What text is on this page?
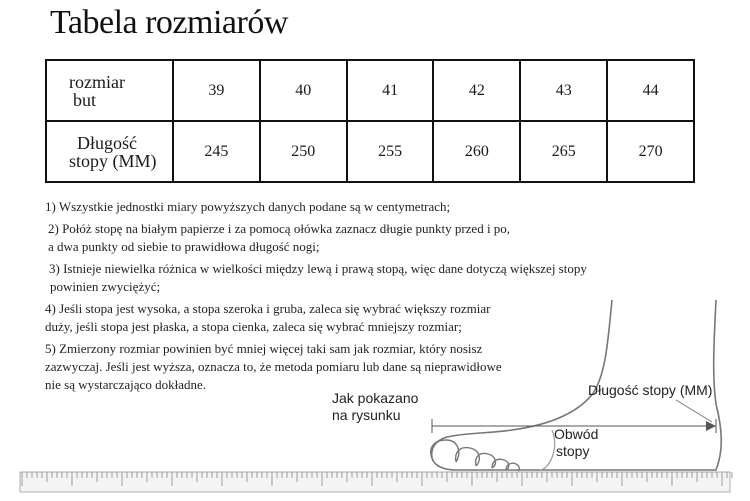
Tabela rozmiarów
rozmiar
but	39	40	41	42	43	44

Długość
stopy (MM)	245	250	255	260	265	270
1) Wszystkie jednostki miary powyższych danych podane są w centymetrach;
2) Połóż stopę na białym papierze i za pomocą ołówka zaznacz długie punkty przed i po,
a dwa punkty od siebie to prawidłowa długość nogi;
3) Istnieje niewielka różnica w wielkości między lewą i prawą stopą, więc dane dotyczą większej stopy
powinien zwyciężyć;
4) Jeśli stopa jest wysoka, a stopa szeroka i gruba, zaleca się wybrać większy rozmiar
duży, jeśli stopa jest płaska, a stopa cienka, zaleca się wybrać mniejszy rozmiar;
5) Zmierzony rozmiar powinien być mniej więcej taki sam jak rozmiar, który nosisz
zazwyczaj. Jeśli jest wyższa, oznacza to, że metoda pomiaru lub dane są nieprawidłowe
nie są wystarczająco dokładne.
Jak pokazano
na rysunku
Długość stopy (MM)
Obwód
stopy
